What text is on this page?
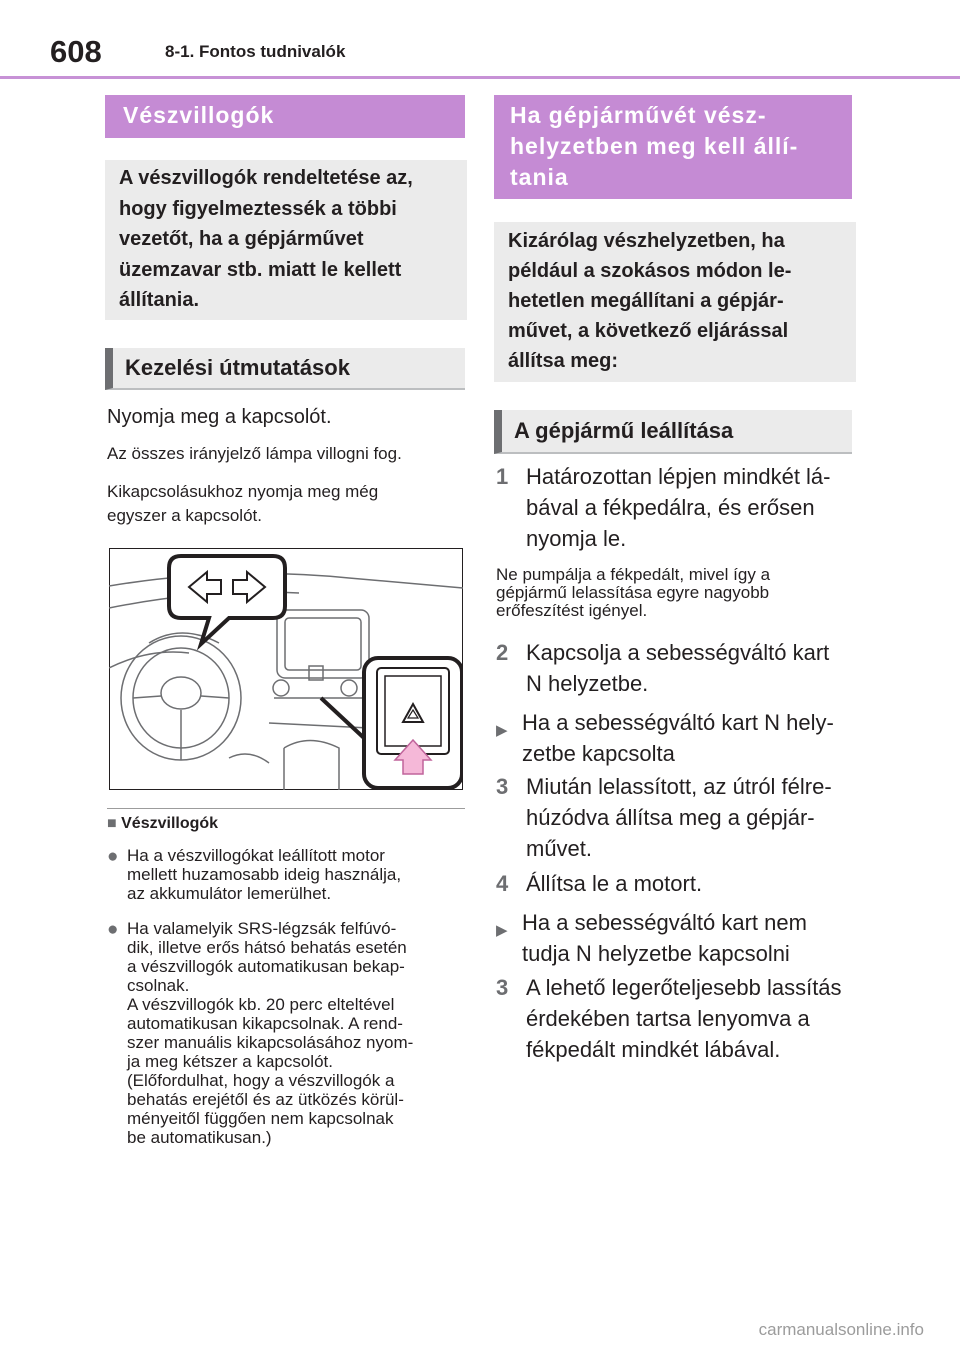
608	8-1. Fontos tudnivalók
Vészvillogók
A vészvillogók rendeltetése az,
hogy figyelmeztessék a többi
vezetőt, ha a gépjárművet
üzemzavar stb. miatt le kellett
állítania.
Kezelési útmutatások
Nyomja meg a kapcsolót.
Az összes irányjelző lámpa villogni fog.
Kikapcsolásukhoz nyomja meg még
egyszer a kapcsolót.
■ Vészvillogók
● Ha a vészvillogókat leállított motor
mellett huzamosabb ideig használja,
az akkumulátor lemerülhet.
● Ha valamelyik SRS-légzsák felfúvó-
dik, illetve erős hátsó behatás esetén
a vészvillogók automatikusan bekap-
csolnak.
A vészvillogók kb. 20 perc elteltével
automatikusan kikapcsolnak. A rend-
szer manuális kikapcsolásához nyom-
ja meg kétszer a kapcsolót.
(Előfordulhat, hogy a vészvillogók a
behatás erejétől és az ütközés körül-
ményeitől függően nem kapcsolnak
be automatikusan.)
Ha gépjárművét vész-
helyzetben meg kell állí-
tania
Kizárólag vészhelyzetben, ha
például a szokásos módon le-
hetetlen megállítani a gépjár-
művet, a következő eljárással
állítsa meg:
A gépjármű leállítása
1 Határozottan lépjen mindkét lá-
bával a fékpedálra, és erősen
nyomja le.
Ne pumpálja a fékpedált, mivel így a
gépjármű lelassítása egyre nagyobb
erőfeszítést igényel.
2 Kapcsolja a sebességváltó kart
N helyzetbe.
▶ Ha a sebességváltó kart N hely-
zetbe kapcsolta
3 Miután lelassított, az útról félre-
húzódva állítsa meg a gépjár-
művet.
4 Állítsa le a motort.
▶ Ha a sebességváltó kart nem
tudja N helyzetbe kapcsolni
3 A lehető legerőteljesebb lassítás
érdekében tartsa lenyomva a
fékpedált mindkét lábával.
carmanualsonline.info
